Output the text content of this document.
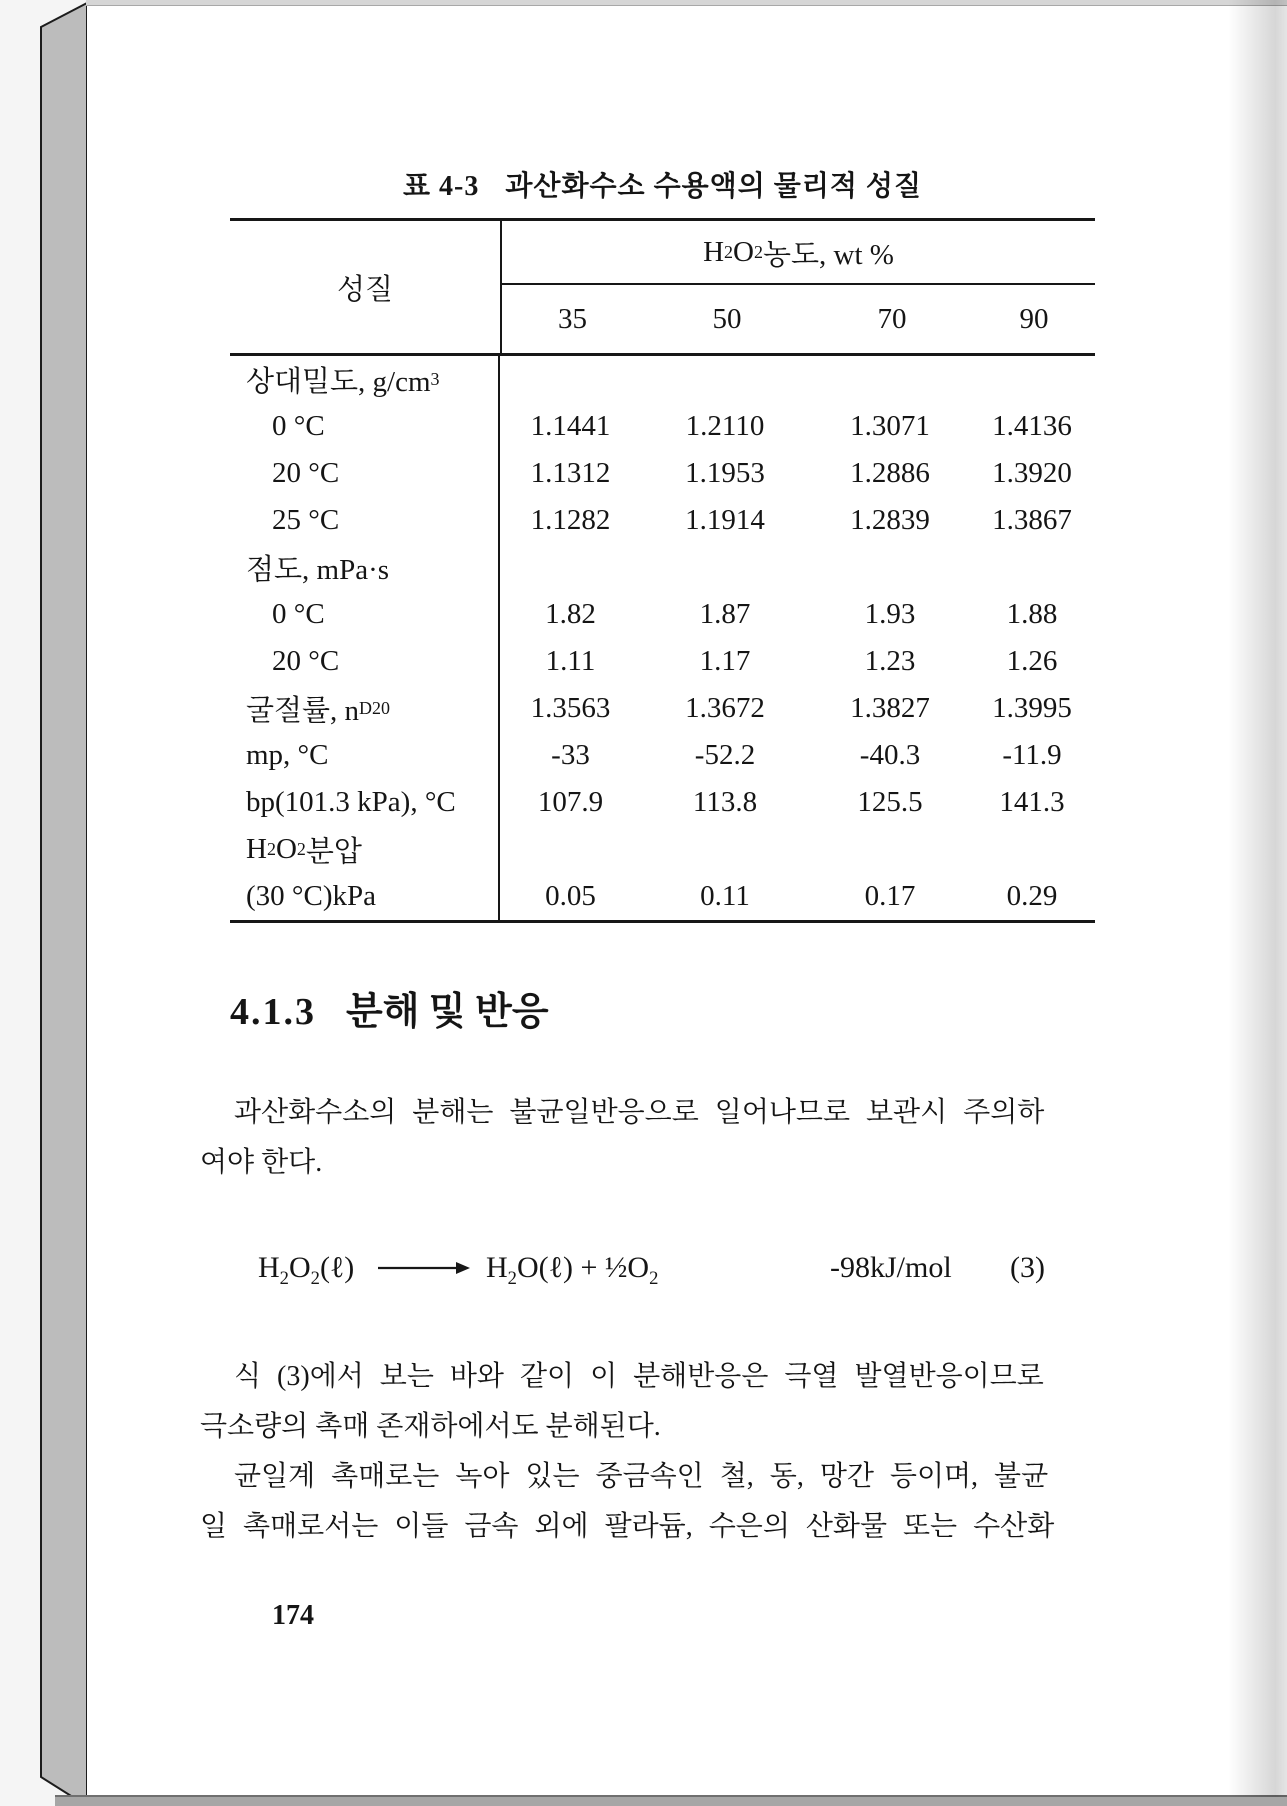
표 4-3 과산화수소 수용액의 물리적 성질
성질
H 2 O 2 농도, wt %
35	50	70	90
상대밀도, g/cm 3
0 °C	1.1441	1.2110	1.3071	1.4136
20 °C	1.1312	1.1953	1.2886	1.3920
25 °C	1.1282	1.1914	1.2839	1.3867
점도, mPa·s
0 °C	1.82	1.87	1.93	1.88
20 °C	1.11	1.17	1.23	1.26
굴절률, n D 20	1.3563	1.3672	1.3827	1.3995
mp, °C	-33	-52.2	-40.3	-11.9
bp(101.3 kPa), °C	107.9	113.8	125.5	141.3
H 2 O 2 분압
(30 °C)kPa	0.05	0.11	0.17	0.29
4.1.3 분해 및 반응
과산화수소의 분해는 불균일반응으로 일어나므로 보관시 주의하
여야 한다.
$H_2O_2(\ell)$ → $H_2O(\ell)$ + $\frac{1}{2}O_2$	-98kJ/mol (3)
식 (3)에서 보는 바와 같이 이 분해반응은 극열 발열반응이므로
극소량의 촉매 존재하에서도 분해된다.
균일계 촉매로는 녹아 있는 중금속인 철, 동, 망간 등이며, 불균
일 촉매로서는 이들 금속 외에 팔라듐, 수은의 산화물 또는 수산화
174
